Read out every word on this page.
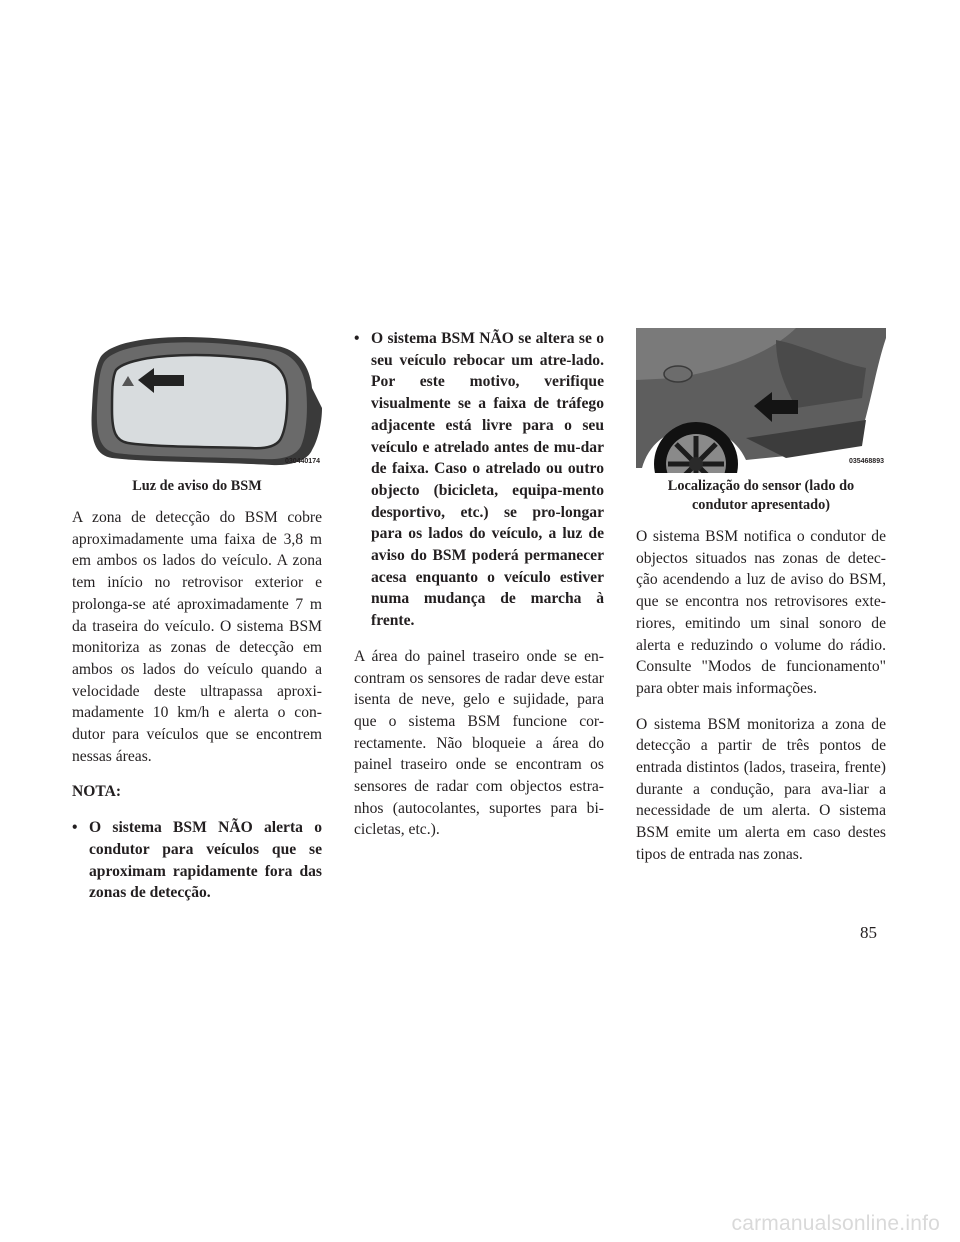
030440174
Luz de aviso do BSM

A zona de detecção do BSM cobre aproximadamente uma faixa de 3,8 m em ambos os lados do veículo. A zona tem início no retrovisor exterior e prolonga-se até aproximadamente 7 m da traseira do veículo. O sistema BSM monitoriza as zonas de detecção em ambos os lados do veículo quando a velocidade deste ultrapassa aproxi-madamente 10 km/h e alerta o con-dutor para veículos que se encontrem nessas áreas.

NOTA:
• O sistema BSM NÃO alerta o condutor para veículos que se aproximam rapidamente fora das zonas de detecção.
• O sistema BSM NÃO se altera se o seu veículo rebocar um atre-lado. Por este motivo, verifique visualmente se a faixa de tráfego adjacente está livre para o seu veículo e atrelado antes de mu-dar de faixa. Caso o atrelado ou outro objecto (bicicleta, equipa-mento desportivo, etc.) se pro-longar para os lados do veículo, a luz de aviso do BSM poderá permanecer acesa enquanto o veículo estiver numa mudança de marcha à frente.

A área do painel traseiro onde se en-contram os sensores de radar deve estar isenta de neve, gelo e sujidade, para que o sistema BSM funcione cor-rectamente. Não bloqueie a área do painel traseiro onde se encontram os sensores de radar com objectos estra-nhos (autocolantes, suportes para bi-cicletas, etc.).

035468893
Localização do sensor (lado do condutor apresentado)

O sistema BSM notifica o condutor de objectos situados nas zonas de detec-ção acendendo a luz de aviso do BSM, que se encontra nos retrovisores exte-riores, emitindo um sinal sonoro de alerta e reduzindo o volume do rádio. Consulte "Modos de funcionamento" para obter mais informações.

O sistema BSM monitoriza a zona de detecção a partir de três pontos de entrada distintos (lados, traseira, frente) durante a condução, para ava-liar a necessidade de um alerta. O sistema BSM emite um alerta em caso destes tipos de entrada nas zonas.

85
carmanualsonline.info
